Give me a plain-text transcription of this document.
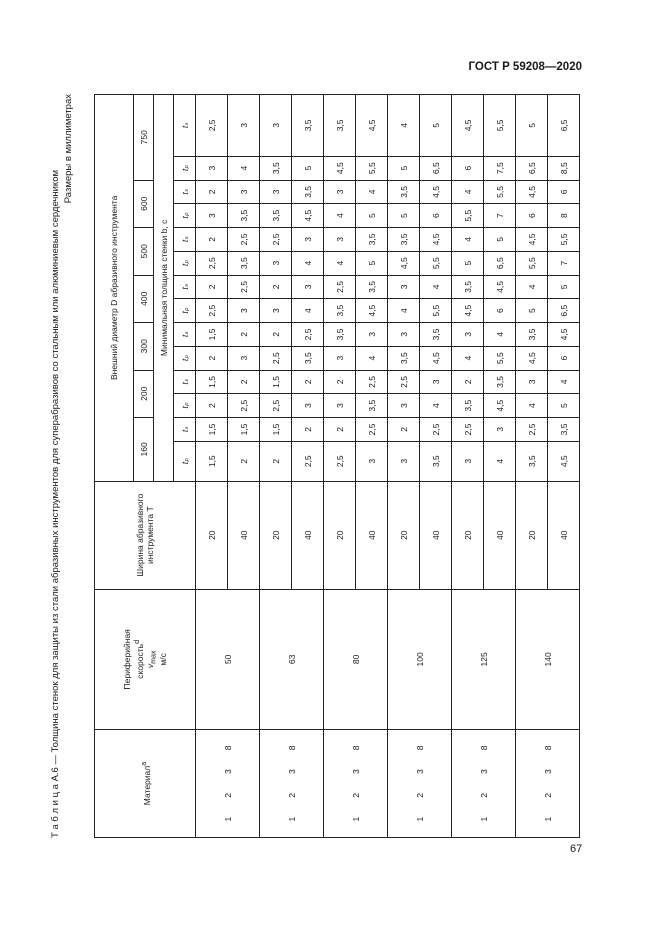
ГОСТ Р 59208—2020
Т а б л и ц а А.6 — Толщина стенок для защиты из стали абразивных инструментов для суперабразивов со стальным или алюминиевым сердечником
Размеры в миллиметрах
Материал$^a$	Периферийная скорость$^d$
$v_{max}$ м/с	Ширина абразивного инструмента T	Внешний диаметр D абразивного инструмента													
			160		200		300		400		500		600		750	
			Минимальная толщина стенки b, c													
			tₚ	tₛ	tₚ	tₛ	tₚ	tₛ	tₚ	tₛ	tₚ	tₛ	tₚ	tₛ	tₚ	tₛ

1
2
3
8	50	20	1,5	1,5	2	1,5	2	1,5	2,5	2	2,5	2	3	2	3	2,5
		40	2	1,5	2,5	2	3	2	3	2,5	3,5	2,5	3,5	3	4	3

1
2
3
8	63	20	2	1,5	2,5	1,5	2,5	2	3	2	3	2,5	3,5	3	3,5	3
		40	2,5	2	3	2	3,5	2,5	4	3	4	3	4,5	3,5	5	3,5

1
2
3
8	80	20	2,5	2	3	2	3	3,5	3,5	2,5	4	3	4	3	4,5	3,5
		40	3	2,5	3,5	2,5	4	3	4,5	3,5	5	3,5	5	4	5,5	4,5

1
2
3
8	100	20	3	2	3	2,5	3,5	3	4	3	4,5	3,5	5	3,5	5	4
		40	3,5	2,5	4	3	4,5	3,5	5,5	4	5,5	4,5	6	4,5	6,5	5

1
2
3
8	125	20	3	2,5	3,5	2	4	3	4,5	3,5	5	4	5,5	4	6	4,5
		40	4	3	4,5	3,5	5,5	4	6	4,5	6,5	5	7	5,5	7,5	5,5

1
2
3
8	140	20	3,5	2,5	4	3	4,5	3,5	5	4	5,5	4,5	6	4,5	6,5	5
		40	4,5	3,5	5	4	6	4,5	6,5	5	7	5,5	8	6	8,5	6,5
67
